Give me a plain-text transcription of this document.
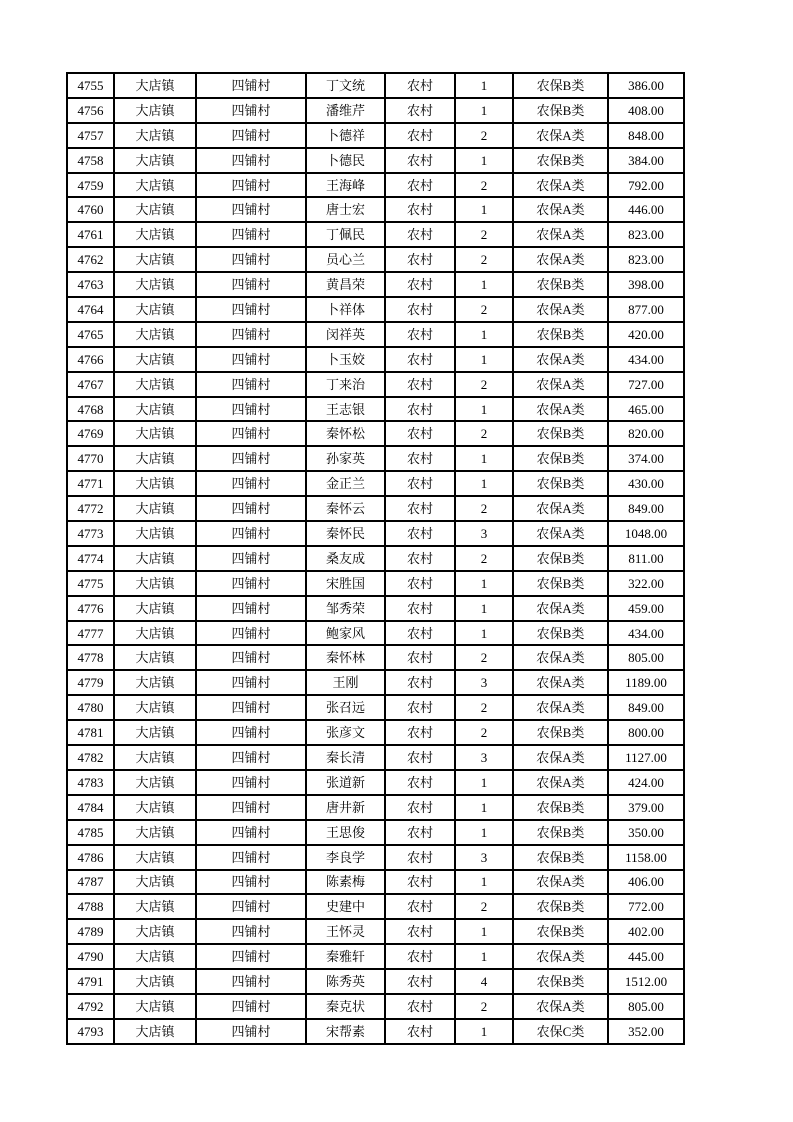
4755	大店镇	四铺村	丁文统	农村	1	农保B类	386.00
4756	大店镇	四铺村	潘维芹	农村	1	农保B类	408.00
4757	大店镇	四铺村	卜德祥	农村	2	农保A类	848.00
4758	大店镇	四铺村	卜德民	农村	1	农保B类	384.00
4759	大店镇	四铺村	王海峰	农村	2	农保A类	792.00
4760	大店镇	四铺村	唐士宏	农村	1	农保A类	446.00
4761	大店镇	四铺村	丁佩民	农村	2	农保A类	823.00
4762	大店镇	四铺村	员心兰	农村	2	农保A类	823.00
4763	大店镇	四铺村	黄昌荣	农村	1	农保B类	398.00
4764	大店镇	四铺村	卜祥体	农村	2	农保A类	877.00
4765	大店镇	四铺村	闵祥英	农村	1	农保B类	420.00
4766	大店镇	四铺村	卜玉姣	农村	1	农保A类	434.00
4767	大店镇	四铺村	丁来治	农村	2	农保A类	727.00
4768	大店镇	四铺村	王志银	农村	1	农保A类	465.00
4769	大店镇	四铺村	秦怀松	农村	2	农保B类	820.00
4770	大店镇	四铺村	孙家英	农村	1	农保B类	374.00
4771	大店镇	四铺村	金正兰	农村	1	农保B类	430.00
4772	大店镇	四铺村	秦怀云	农村	2	农保A类	849.00
4773	大店镇	四铺村	秦怀民	农村	3	农保A类	1048.00
4774	大店镇	四铺村	桑友成	农村	2	农保B类	811.00
4775	大店镇	四铺村	宋胜国	农村	1	农保B类	322.00
4776	大店镇	四铺村	邹秀荣	农村	1	农保A类	459.00
4777	大店镇	四铺村	鲍家风	农村	1	农保B类	434.00
4778	大店镇	四铺村	秦怀林	农村	2	农保A类	805.00
4779	大店镇	四铺村	王刚	农村	3	农保A类	1189.00
4780	大店镇	四铺村	张召远	农村	2	农保A类	849.00
4781	大店镇	四铺村	张彦文	农村	2	农保B类	800.00
4782	大店镇	四铺村	秦长清	农村	3	农保A类	1127.00
4783	大店镇	四铺村	张道新	农村	1	农保A类	424.00
4784	大店镇	四铺村	唐井新	农村	1	农保B类	379.00
4785	大店镇	四铺村	王思俊	农村	1	农保B类	350.00
4786	大店镇	四铺村	李良学	农村	3	农保B类	1158.00
4787	大店镇	四铺村	陈素梅	农村	1	农保A类	406.00
4788	大店镇	四铺村	史建中	农村	2	农保B类	772.00
4789	大店镇	四铺村	王怀灵	农村	1	农保B类	402.00
4790	大店镇	四铺村	秦雅轩	农村	1	农保A类	445.00
4791	大店镇	四铺村	陈秀英	农村	4	农保B类	1512.00
4792	大店镇	四铺村	秦克状	农村	2	农保A类	805.00
4793	大店镇	四铺村	宋帮素	农村	1	农保C类	352.00
